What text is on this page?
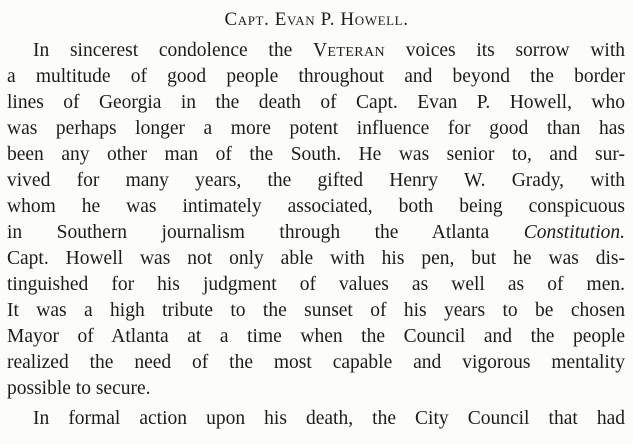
Capt. Evan P. Howell.
In sincerest condolence the Veteran voices its sorrow with
a multitude of good people throughout and beyond the border
lines of Georgia in the death of Capt. Evan P. Howell, who
was perhaps longer a more potent influence for good than has
been any other man of the South. He was senior to, and sur-
vived for many years, the gifted Henry W. Grady, with
whom he was intimately associated, both being conspicuous
in Southern journalism through the Atlanta Constitution.
Capt. Howell was not only able with his pen, but he was dis-
tinguished for his judgment of values as well as of men.
It was a high tribute to the sunset of his years to be chosen
Mayor of Atlanta at a time when the Council and the people
realized the need of the most capable and vigorous mentality
possible to secure.
In formal action upon his death, the City Council that had
